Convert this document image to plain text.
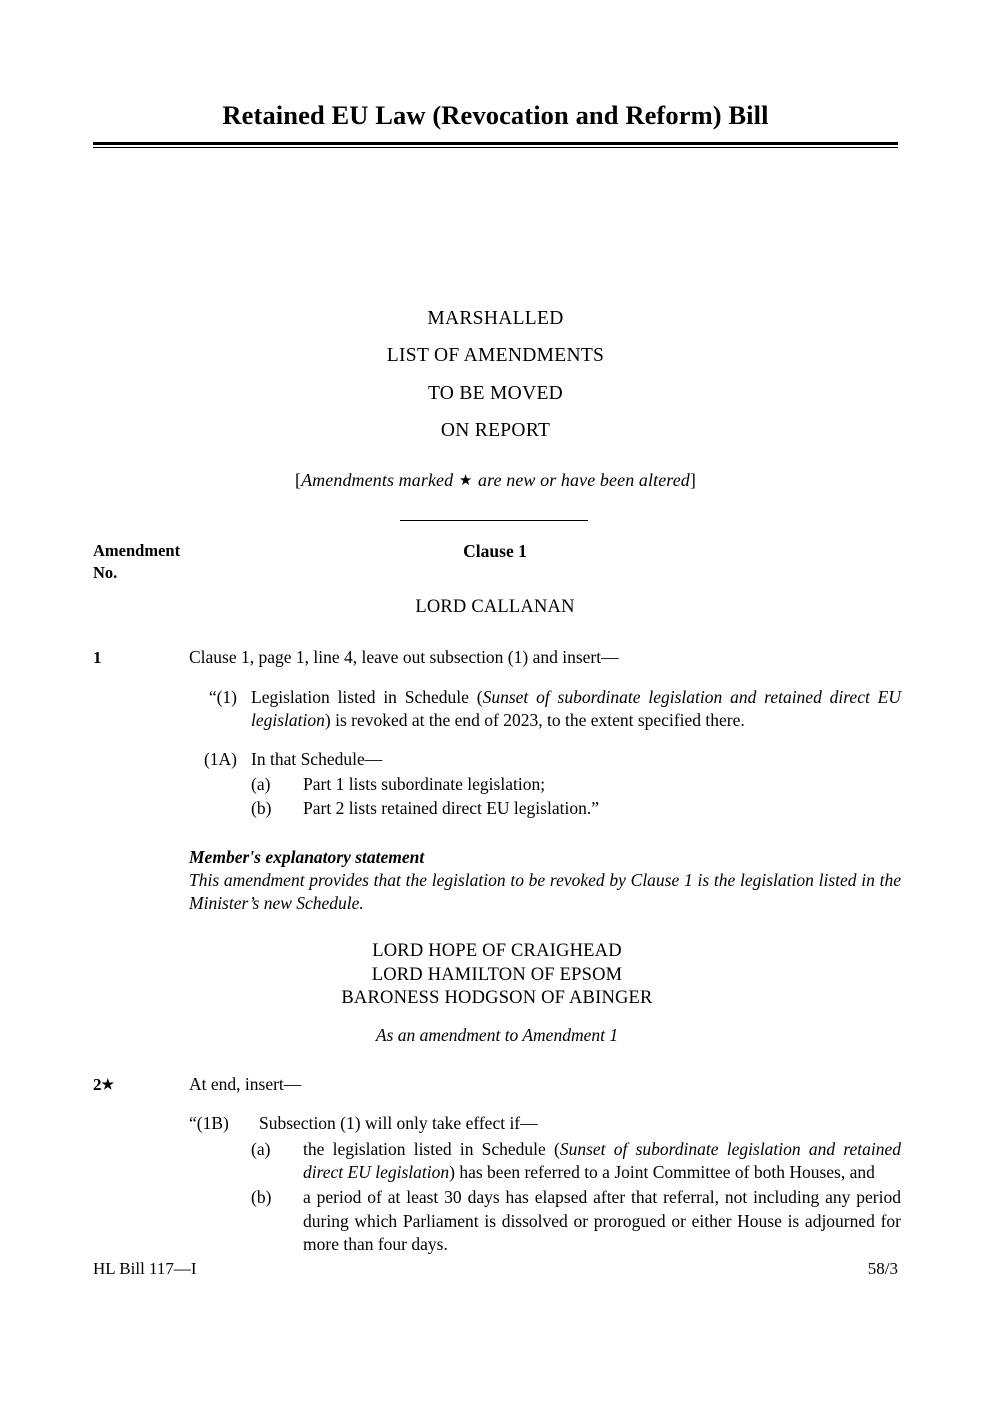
Retained EU Law (Revocation and Reform) Bill
MARSHALLED
LIST OF AMENDMENTS
TO BE MOVED
ON REPORT
[Amendments marked ★ are new or have been altered]
Amendment
No.
Clause 1
LORD CALLANAN
1	Clause 1, page 1, line 4, leave out subsection (1) and insert—
“(1) Legislation listed in Schedule (Sunset of subordinate legislation and retained direct EU legislation) is revoked at the end of 2023, to the extent specified there.
(1A) In that Schedule—
(a)	Part 1 lists subordinate legislation;
(b)	Part 2 lists retained direct EU legislation.”
Member's explanatory statement
This amendment provides that the legislation to be revoked by Clause 1 is the legislation listed in the Minister’s new Schedule.
LORD HOPE OF CRAIGHEAD
LORD HAMILTON OF EPSOM
BARONESS HODGSON OF ABINGER
As an amendment to Amendment 1
2★	At end, insert—
“(1B)	Subsection (1) will only take effect if—
(a)	the legislation listed in Schedule (Sunset of subordinate legislation and retained direct EU legislation) has been referred to a Joint Committee of both Houses, and
(b)	a period of at least 30 days has elapsed after that referral, not including any period during which Parliament is dissolved or prorogued or either House is adjourned for more than four days.
HL Bill 117—I	58/3
